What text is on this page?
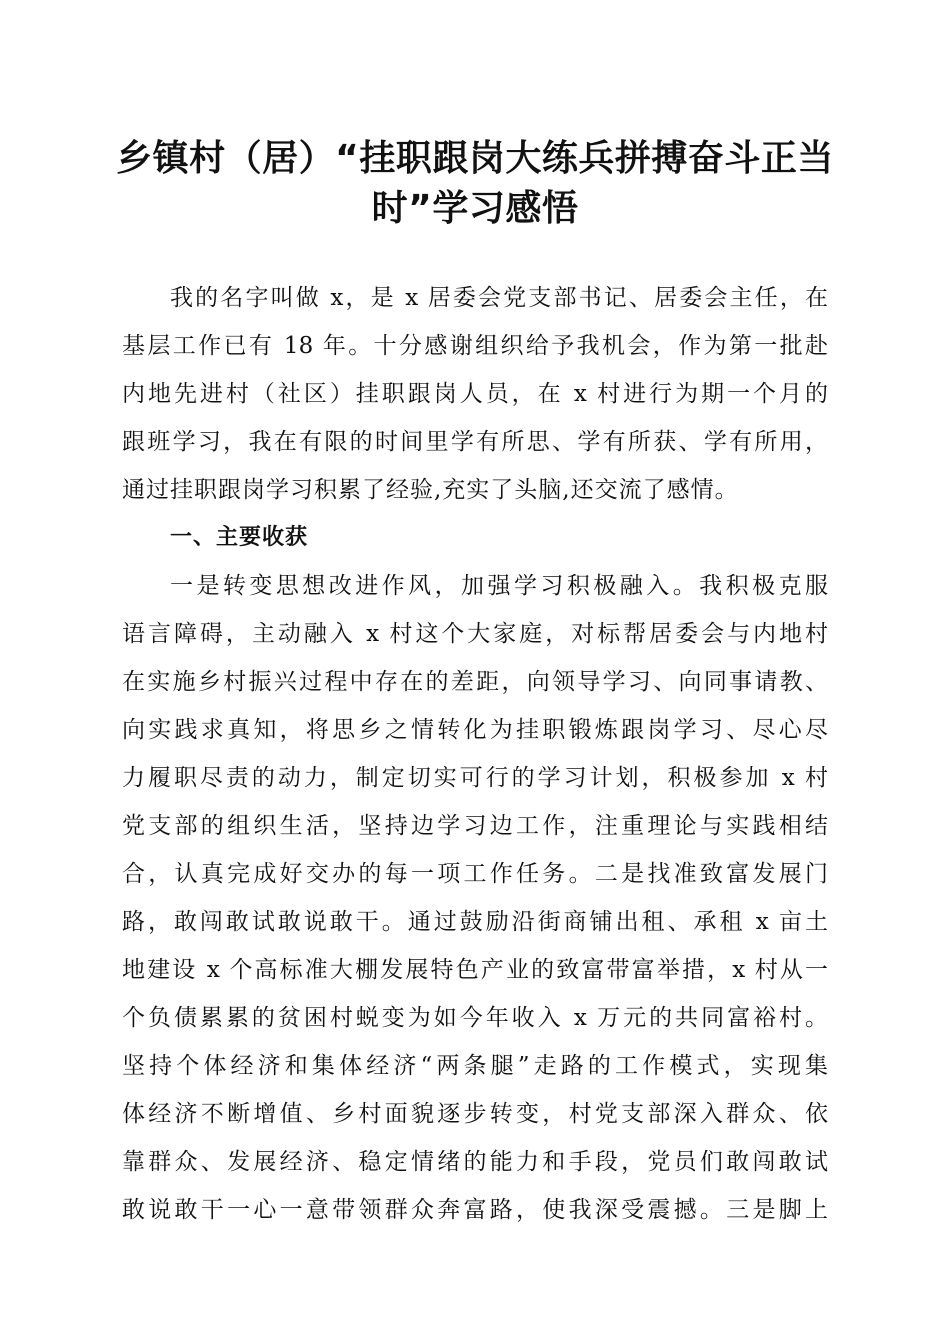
乡镇村（居）“挂职跟岗大练兵拼搏奋斗正当
时”学习感悟
我的名字叫做 x，是 x 居委会党支部书记、居委会主任，在
基层工作已有 18 年。十分感谢组织给予我机会，作为第一批赴
内地先进村（社区）挂职跟岗人员，在 x 村进行为期一个月的
跟班学习，我在有限的时间里学有所思、学有所获、学有所用，
通过挂职跟岗学习积累了经验,充实了头脑,还交流了感情。
一、主要收获
一是转变思想改进作风，加强学习积极融入。我积极克服
语言障碍，主动融入 x 村这个大家庭，对标帮居委会与内地村
在实施乡村振兴过程中存在的差距，向领导学习、向同事请教、
向实践求真知，将思乡之情转化为挂职锻炼跟岗学习、尽心尽
力履职尽责的动力，制定切实可行的学习计划，积极参加 x 村
党支部的组织生活，坚持边学习边工作，注重理论与实践相结
合，认真完成好交办的每一项工作任务。二是找准致富发展门
路，敢闯敢试敢说敢干。通过鼓励沿街商铺出租、承租 x 亩土
地建设 x 个高标准大棚发展特色产业的致富带富举措，x 村从一
个负债累累的贫困村蜕变为如今年收入 x 万元的共同富裕村。
坚持个体经济和集体经济“两条腿”走路的工作模式，实现集
体经济不断增值、乡村面貌逐步转变，村党支部深入群众、依
靠群众、发展经济、稳定情绪的能力和手段，党员们敢闯敢试
敢说敢干一心一意带领群众奔富路，使我深受震撼。三是脚上
